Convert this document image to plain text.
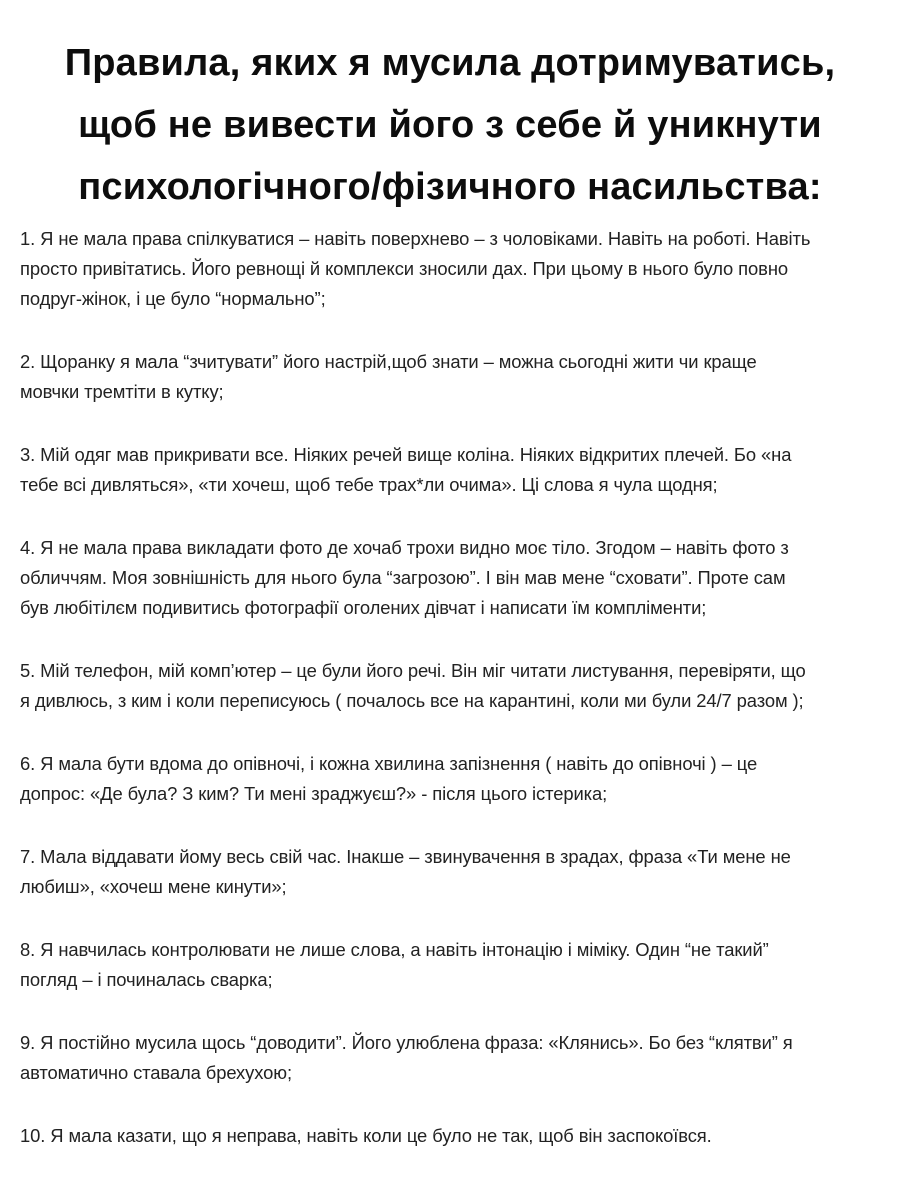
Правила, яких я мусила дотримуватись,
щоб не вивести його з себе й уникнути
психологічного/фізичного насильства:

1. Я не мала права спілкуватися – навіть поверхнево – з чоловіками. Навіть на роботі. Навіть
просто привітатись. Його ревнощі й комплекси зносили дах. При цьому в нього було повно
подруг-жінок, і це було “нормально”;

2. Щоранку я мала “зчитувати” його настрій,щоб знати – можна сьогодні жити чи краще
мовчки тремтіти в кутку;

3. Мій одяг мав прикривати все. Ніяких речей вище коліна. Ніяких відкритих плечей. Бо «на
тебе всі дивляться», «ти хочеш, щоб тебе трах*ли очима». Ці слова я чула щодня;

4. Я не мала права викладати фото де хочаб трохи видно моє тіло. Згодом – навіть фото з
обличчям. Моя зовнішність для нього була “загрозою”. І він мав мене “сховати”. Проте сам
був любітілєм подивитись фотографії оголених дівчат і написати їм компліменти;

5. Мій телефон, мій комп’ютер – це були його речі. Він міг читати листування, перевіряти, що
я дивлюсь, з ким і коли переписуюсь ( почалось все на карантині, коли ми були 24/7 разом );

6. Я мала бути вдома до опівночі, і кожна хвилина запізнення ( навіть до опівночі ) – це
допрос: «Де була? З ким? Ти мені зраджуєш?» - після цього істерика;

7. Мала віддавати йому весь свій час. Інакше – звинувачення в зрадах, фраза «Ти мене не
любиш», «хочеш мене кинути»;

8. Я навчилась контролювати не лише слова, а навіть інтонацію і міміку. Один “не такий”
погляд – і починалась сварка;

9. Я постійно мусила щось “доводити”. Його улюблена фраза: «Клянись». Бо без “клятви” я
автоматично ставала брехухою;

10. Я мала казати, що я неправа, навіть коли це було не так, щоб він заспокоївся.
